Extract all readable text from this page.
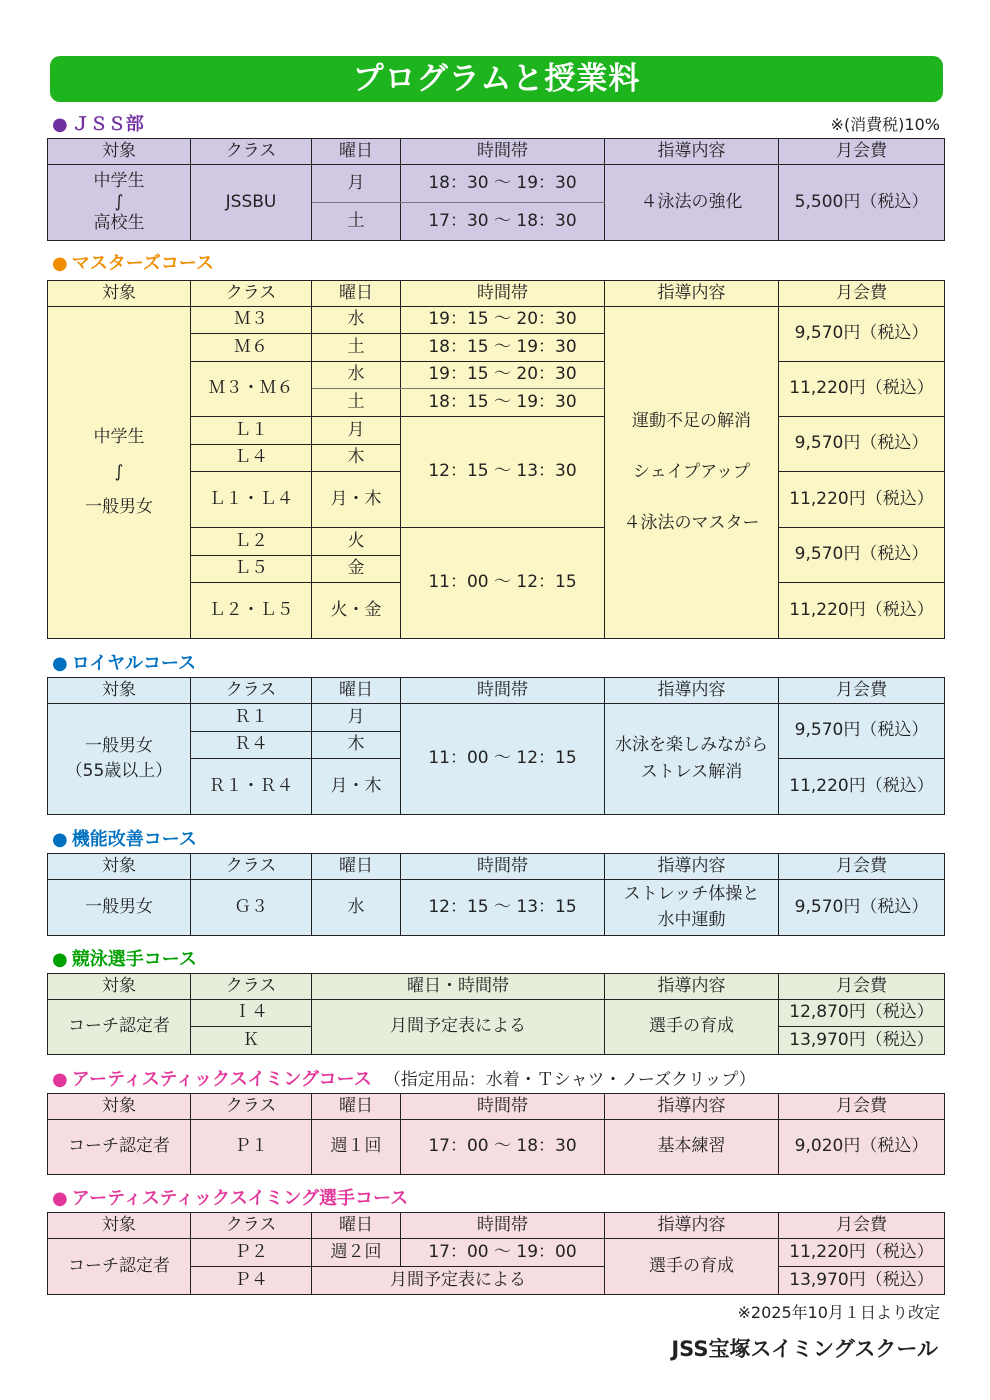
プログラムと授業料
● ＪＳＳ部	※(消費税)10%
対象	クラス	曜日	時間帯	指導内容	月会費

中学生
∫
高校生	JSSBU	月	18：30 ～ 19：30	４泳法の強化	5,500円（税込）
		土	17：30 ～ 18：30		
● マスターズコース
対象	クラス	曜日	時間帯	指導内容	月会費

中学生
∫
一般男女	Ｍ３	水	19：15 ～ 20：30	運動不足の解消
シェイプアップ
４泳法のマスター	9,570円（税込）
	Ｍ６	土	18：15 ～ 19：30		
	Ｍ３・Ｍ６	水	19：15 ～ 20：30		11,220円（税込）
		土	18：15 ～ 19：30		
	Ｌ１	月	12：15 ～ 13：30		9,570円（税込）
	Ｌ４	木			
	Ｌ１・Ｌ４	月・木			11,220円（税込）
	Ｌ２	火	11：00 ～ 12：15		9,570円（税込）
	Ｌ５	金			
	Ｌ２・Ｌ５	火・金			11,220円（税込）
● ロイヤルコース
対象	クラス	曜日	時間帯	指導内容	月会費

一般男女
（55歳以上）	Ｒ１	月	11：00 ～ 12：15	水泳を楽しみながら
ストレス解消	9,570円（税込）
	Ｒ４	木			
	Ｒ１・Ｒ４	月・木			11,220円（税込）
● 機能改善コース
対象	クラス	曜日	時間帯	指導内容	月会費
一般男女	Ｇ３	水	12：15 ～ 13：15	ストレッチ体操と
水中運動	9,570円（税込）
● 競泳選手コース
対象	クラス	曜日・時間帯	指導内容	月会費
コーチ認定者	Ｉ４	月間予定表による	選手の育成	12,870円（税込）
	Ｋ			13,970円（税込）
● アーティスティックスイミングコース （指定用品：水着・Ｔシャツ・ノーズクリップ）
対象	クラス	曜日	時間帯	指導内容	月会費
コーチ認定者	Ｐ１	週１回	17：00 ～ 18：30	基本練習	9,020円（税込）
● アーティスティックスイミング選手コース
対象	クラス	曜日	時間帯	指導内容	月会費
コーチ認定者	Ｐ２	週２回	17：00 ～ 19：00	選手の育成	11,220円（税込）
	Ｐ４	月間予定表による			13,970円（税込）
※2025年10月１日より改定
JSS宝塚スイミングスクール
